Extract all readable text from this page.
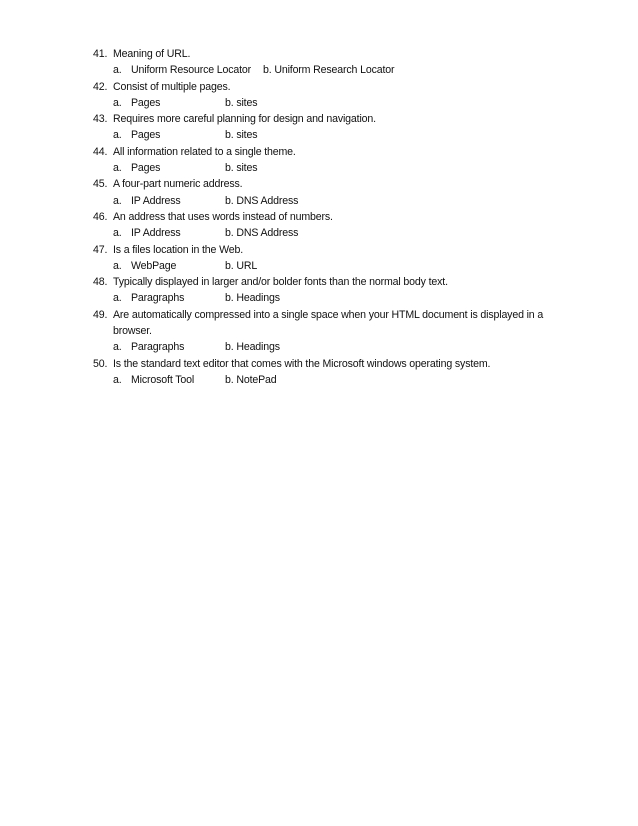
41. Meaning of URL.
a. Uniform Resource Locator b. Uniform Research Locator
42. Consist of multiple pages.
a. Pages	b. sites
43. Requires more careful planning for design and navigation.
a. Pages	b. sites
44. All information related to a single theme.
a. Pages	b. sites
45. A four-part numeric address.
a. IP Address	b. DNS Address
46. An address that uses words instead of numbers.
a. IP Address	b. DNS Address
47. Is a files location in the Web.
a. WebPage	b. URL
48. Typically displayed in larger and/or bolder fonts than the normal body text.
a. Paragraphs	b. Headings
49. Are automatically compressed into a single space when your HTML document is displayed in a browser.
a. Paragraphs	b. Headings
50. Is the standard text editor that comes with the Microsoft windows operating system.
a. Microsoft Tool	b. NotePad
